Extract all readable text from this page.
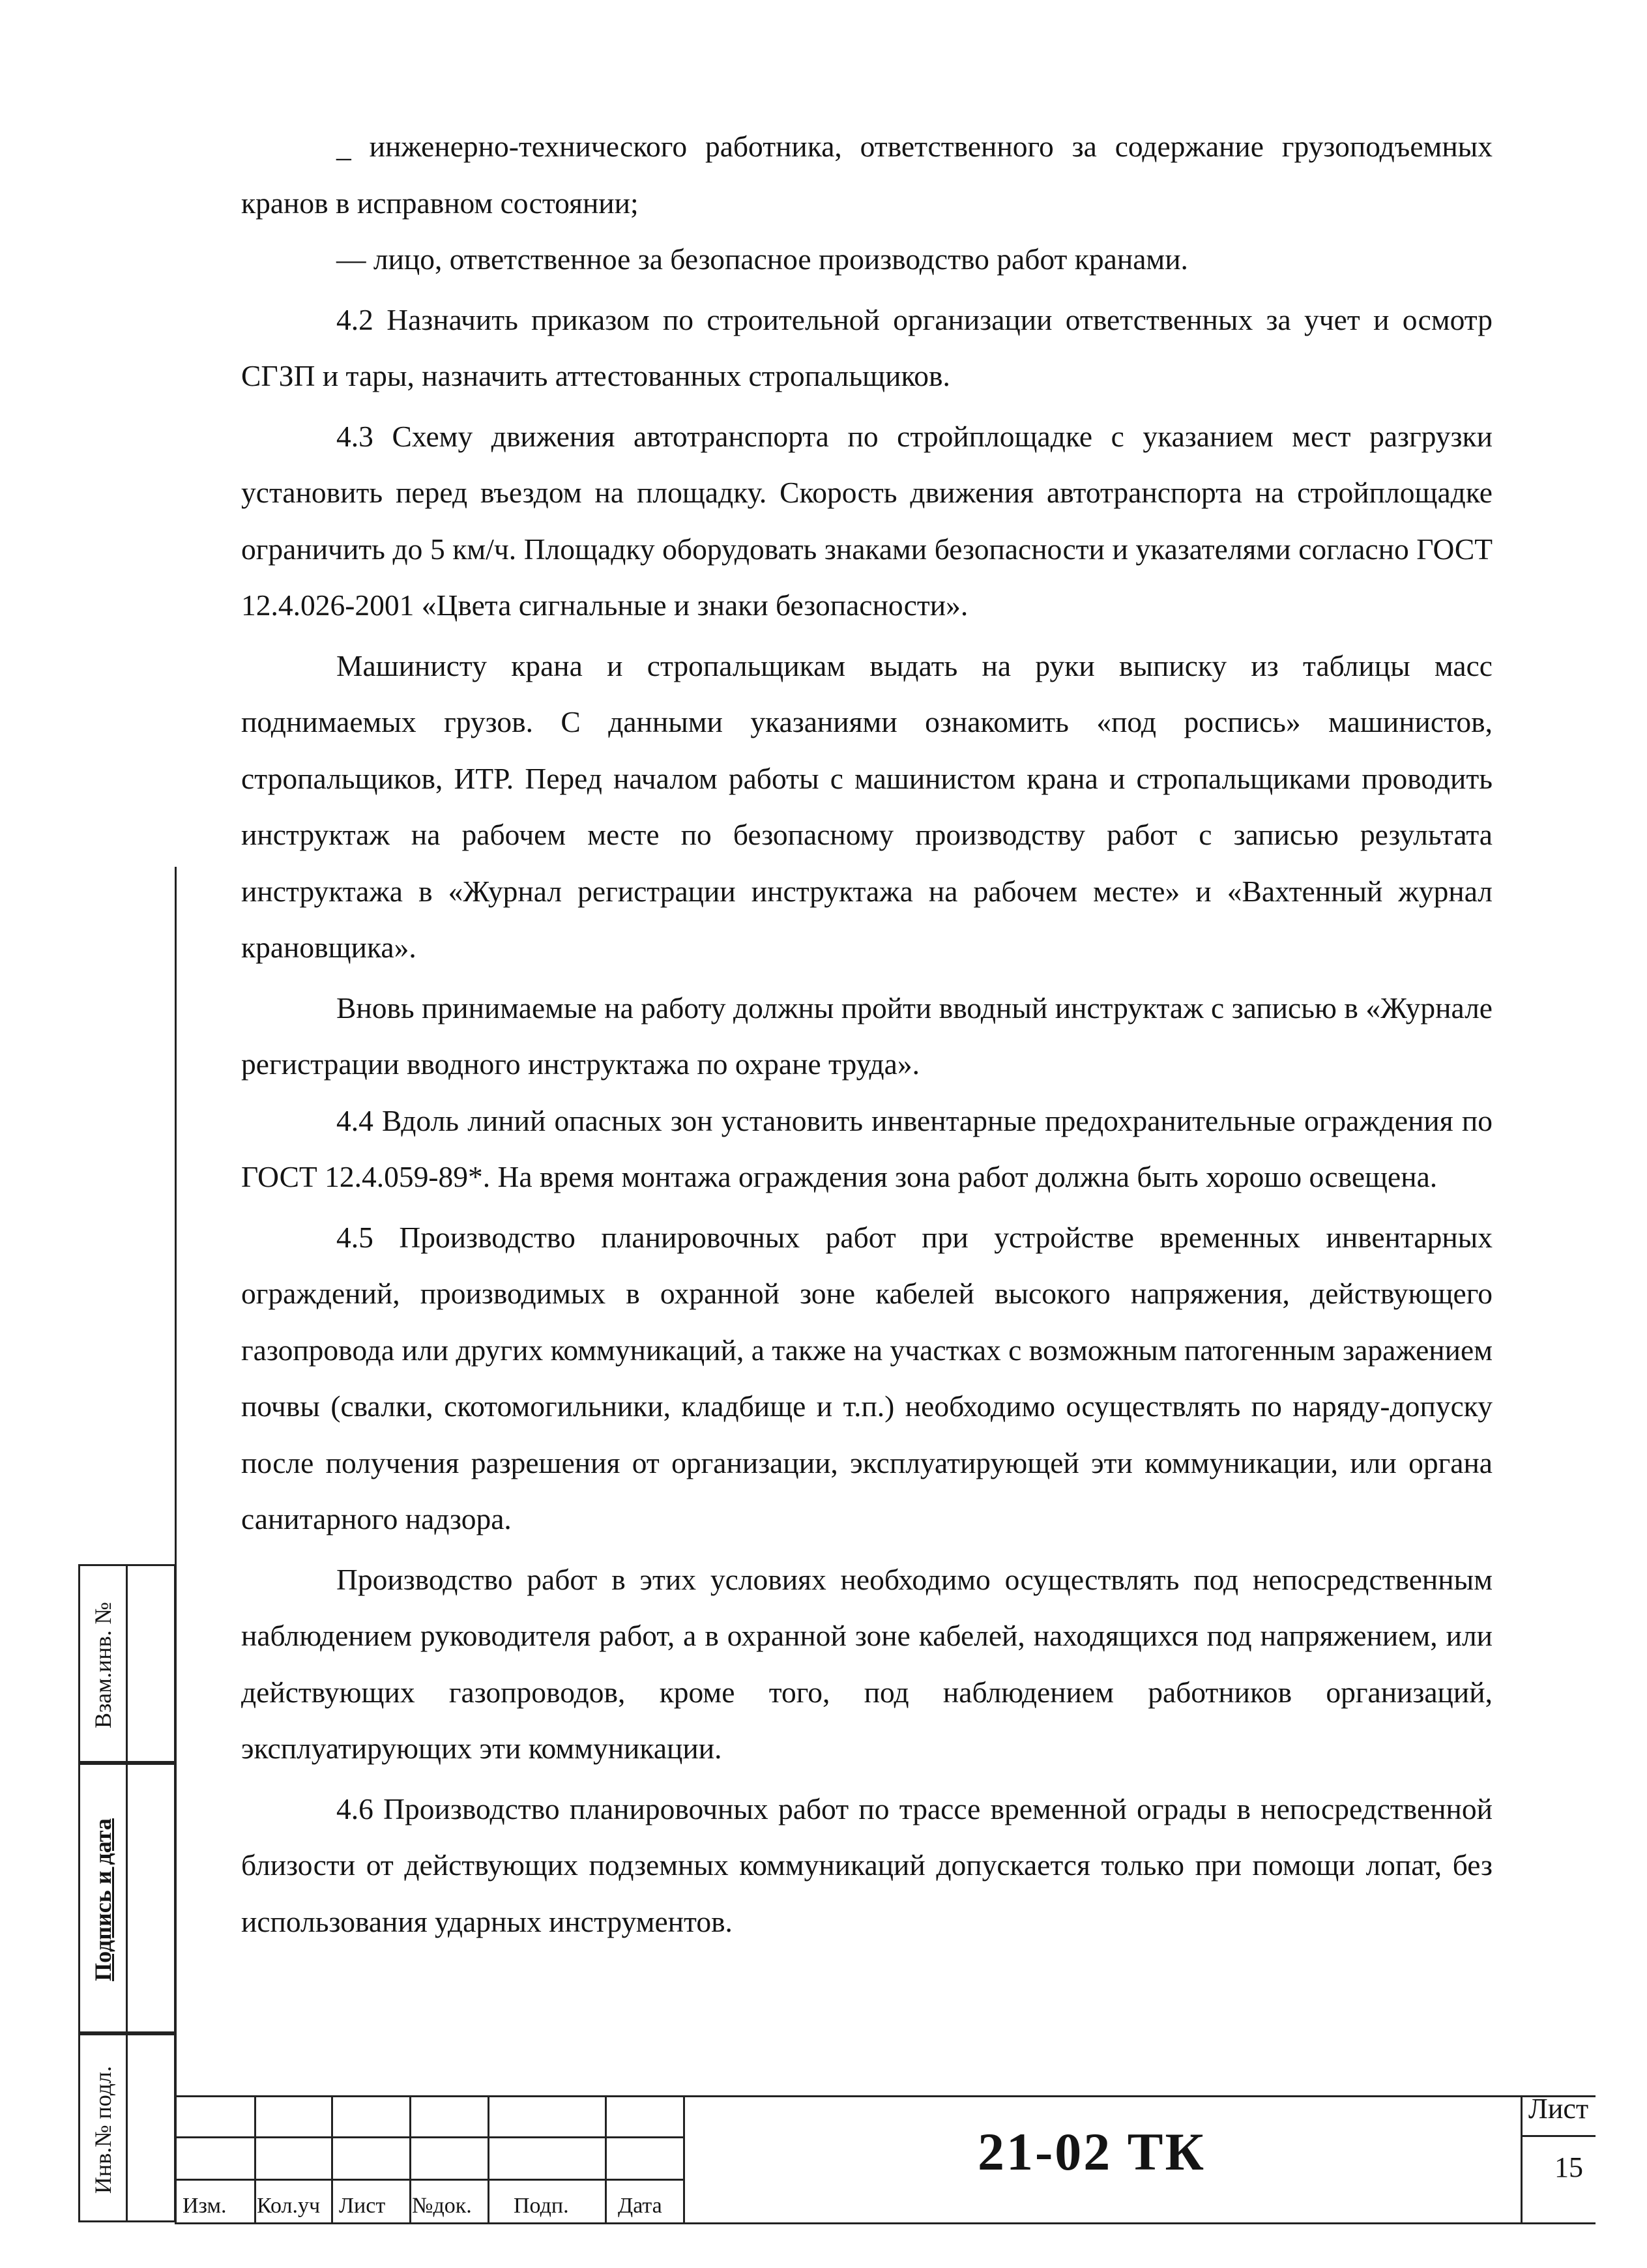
_ инженерно-технического работника, ответственного за содержание грузоподъемных кранов в исправном состоянии;

— лицо, ответственное за безопасное производство работ кранами.

4.2 Назначить приказом по строительной организации ответственных за учет и осмотр СГЗП и тары, назначить аттестованных стропальщиков.

4.3 Схему движения автотранспорта по стройплощадке с указанием мест разгрузки установить перед въездом на площадку. Скорость движения автотранспорта на стройплощадке ограничить до 5 км/ч. Площадку оборудовать знаками безопасности и указателями согласно ГОСТ 12.4.026-2001 «Цвета сигнальные и знаки безопасности».

Машинисту крана и стропальщикам выдать на руки выписку из таблицы масс поднимаемых грузов. С данными указаниями ознакомить «под роспись» машинистов, стропальщиков, ИТР. Перед началом работы с машинистом крана и стропальщиками проводить инструктаж на рабочем месте по безопасному производству работ с записью результата инструктажа в «Журнал регистрации инструктажа на рабочем месте» и «Вахтенный журнал крановщика».

Вновь принимаемые на работу должны пройти вводный инструктаж с записью в «Журнале регистрации вводного инструктажа по охране труда».

4.4 Вдоль линий опасных зон установить инвентарные предохранительные ограждения по ГОСТ 12.4.059-89*. На время монтажа ограждения зона работ должна быть хорошо освещена.

4.5 Производство планировочных работ при устройстве временных инвентарных ограждений, производимых в охранной зоне кабелей высокого напряжения, действующего газопровода или других коммуникаций, а также на участках с возможным патогенным заражением почвы (свалки, скотомогильники, кладбище и т.п.) необходимо осуществлять по наряду-допуску после получения разрешения от организации, эксплуатирующей эти коммуникации, или органа санитарного надзора.

Производство работ в этих условиях необходимо осуществлять под непосредственным наблюдением руководителя работ, а в охранной зоне кабелей, находящихся под напряжением, или действующих газопроводов, кроме того, под наблюдением работников организаций, эксплуатирующих эти коммуникации.

4.6 Производство планировочных работ по трассе временной ограды в непосредственной близости от действующих подземных коммуникаций допускается только при помощи лопат, без использования ударных инструментов.

Взам.инв. №
Подпись и дата
Инв.№ подл.
Изм. Кол.уч Лист №док. Подп. Дата
21-02 ТК
Лист
15
